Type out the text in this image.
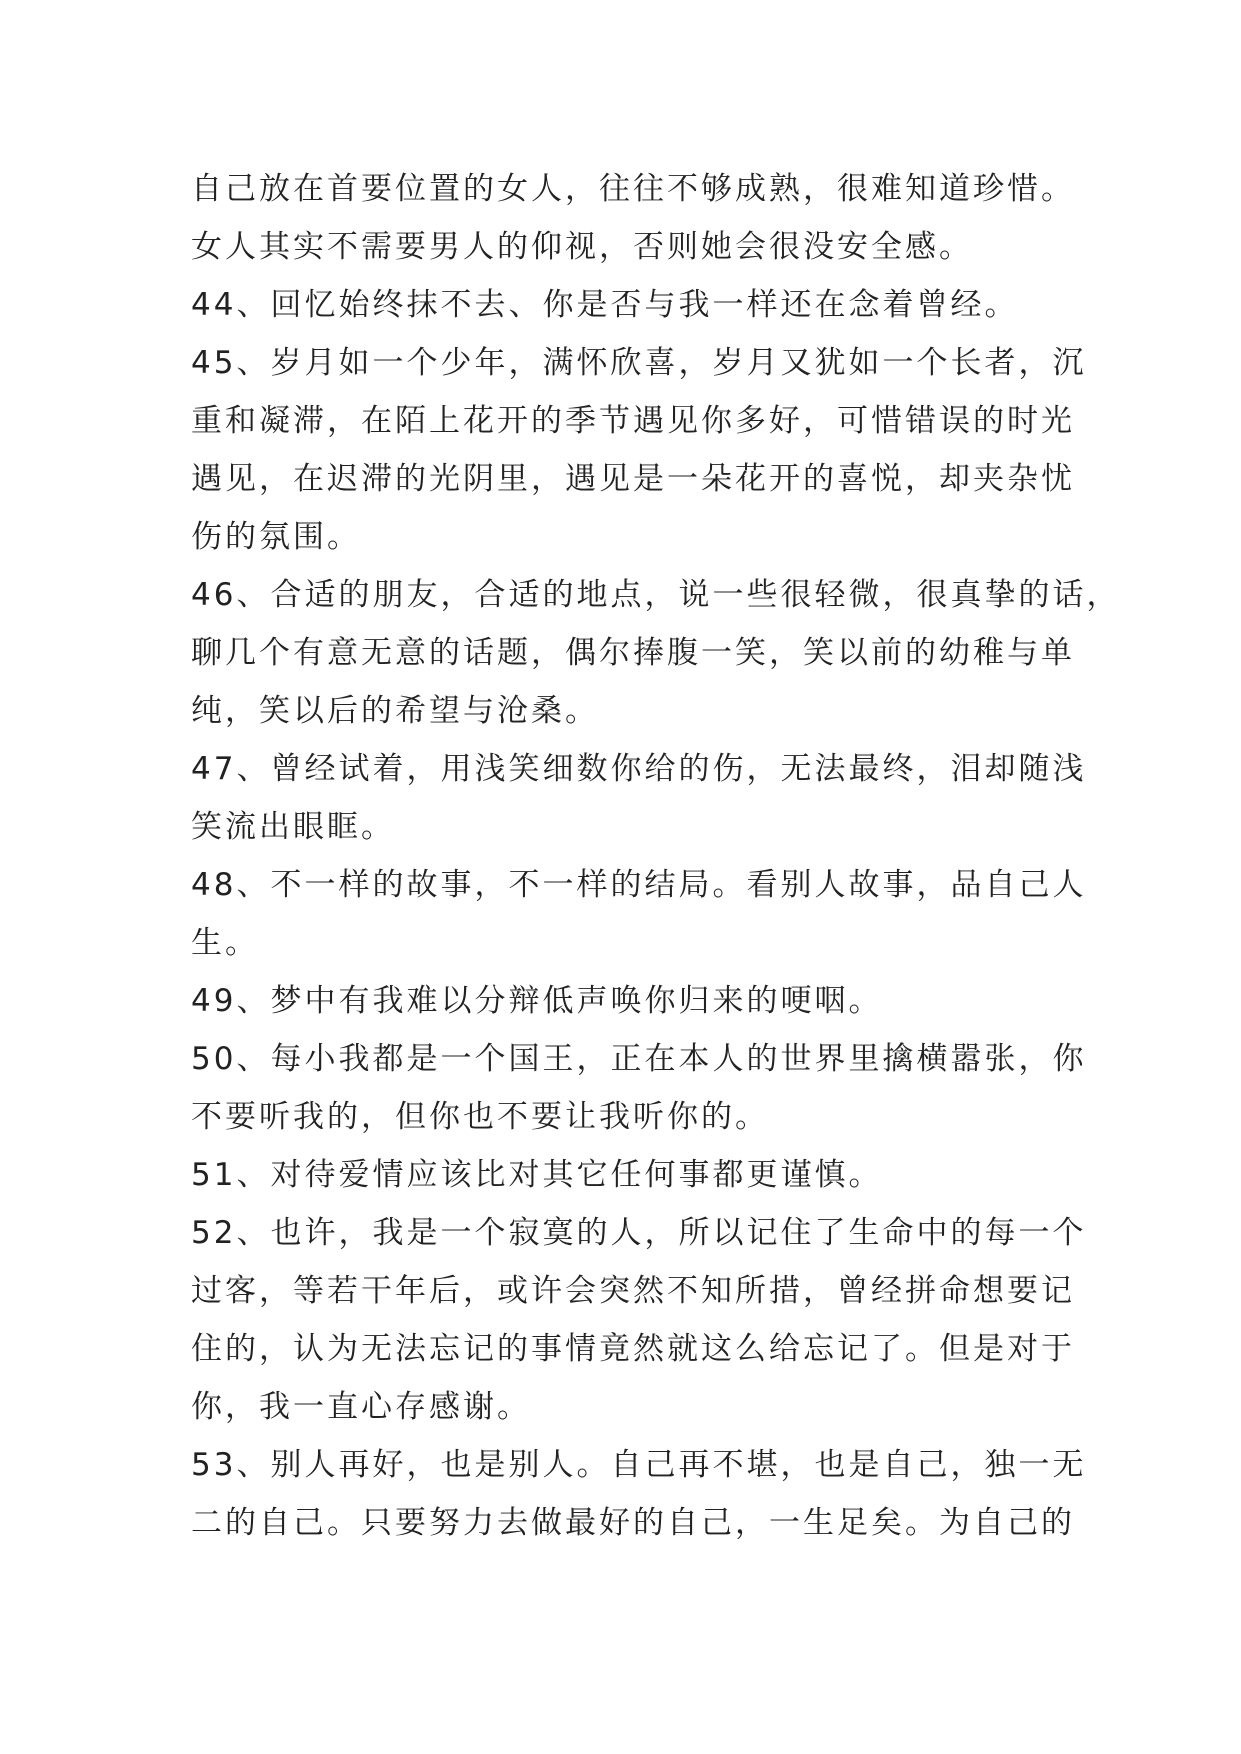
自己放在首要位置的女人，往往不够成熟，很难知道珍惜。
女人其实不需要男人的仰视，否则她会很没安全感。
44、回忆始终抹不去、你是否与我一样还在念着曾经。
45、岁月如一个少年，满怀欣喜，岁月又犹如一个长者，沉
重和凝滞，在陌上花开的季节遇见你多好，可惜错误的时光
遇见，在迟滞的光阴里，遇见是一朵花开的喜悦，却夹杂忧
伤的氛围。
46、合适的朋友，合适的地点，说一些很轻微，很真挚的话，
聊几个有意无意的话题，偶尔捧腹一笑，笑以前的幼稚与单
纯，笑以后的希望与沧桑。
47、曾经试着，用浅笑细数你给的伤，无法最终，泪却随浅
笑流出眼眶。
48、不一样的故事，不一样的结局。看别人故事，品自己人
生。
49、梦中有我难以分辩低声唤你归来的哽咽。
50、每小我都是一个国王，正在本人的世界里擒横嚣张，你
不要听我的，但你也不要让我听你的。
51、对待爱情应该比对其它任何事都更谨慎。
52、也许，我是一个寂寞的人，所以记住了生命中的每一个
过客，等若干年后，或许会突然不知所措，曾经拼命想要记
住的，认为无法忘记的事情竟然就这么给忘记了。但是对于
你，我一直心存感谢。
53、别人再好，也是别人。自己再不堪，也是自己，独一无
二的自己。只要努力去做最好的自己，一生足矣。为自己的
